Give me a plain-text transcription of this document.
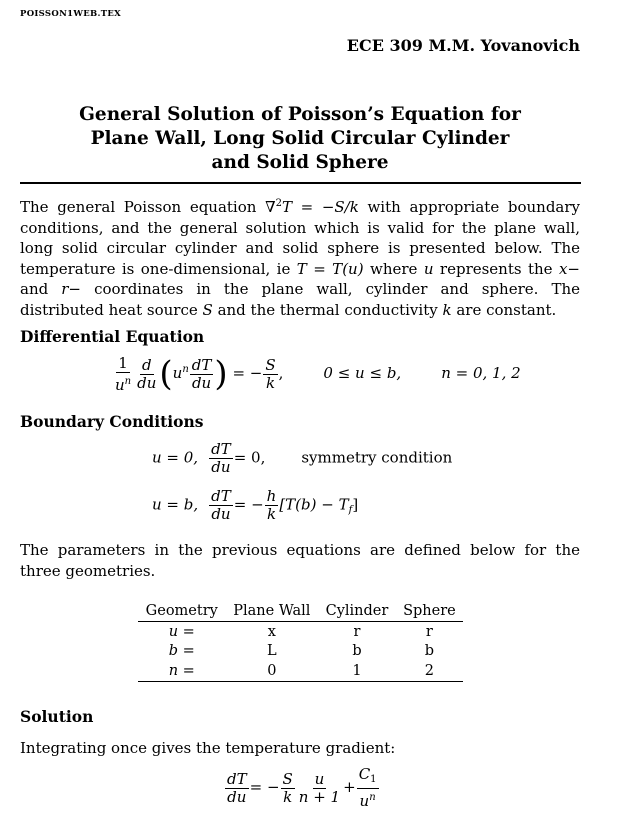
POISSON1WEB.TEX
ECE 309 M.M. Yovanovich
General Solution of Poisson’s Equation for
Plane Wall, Long Solid Circular Cylinder
and Solid Sphere
The general Poisson equation ∇$^2$T = −S/k with appropriate boundary conditions, and the general solution which is valid for the plane wall, long solid circular cylinder and solid sphere is presented below. The temperature is one-dimensional, ie T = T(u) where u represents the x− and r− coordinates in the plane wall, cylinder and sphere. The distributed heat source S and the thermal conductivity k are constant.
Differential Equation
$\frac{1}{u^n} \frac{d}{du} (u^n \frac{dT}{du}$ ) = − $\frac{S}{k}$ ,	0 ≤ u ≤ b,	n = 0, 1, 2
Boundary Conditions
u = 0, $\frac{dT}{du} = 0$, symmetry condition
u = b, $\frac{dT}{du}$ = − $\frac{h}{k} [T(b) - T_f]$
The parameters in the previous equations are defined below for the three geometries.
Geometry	Plane Wall	Cylinder	Sphere
u =	x	r	r
b =	L	b	b
n =	0	1	2
Solution
Integrating once gives the temperature gradient:
$\frac{dT}{du}$ = − $\frac{S}{k} \frac{u}{n + 1} + \frac{C_1}{u^n}$
